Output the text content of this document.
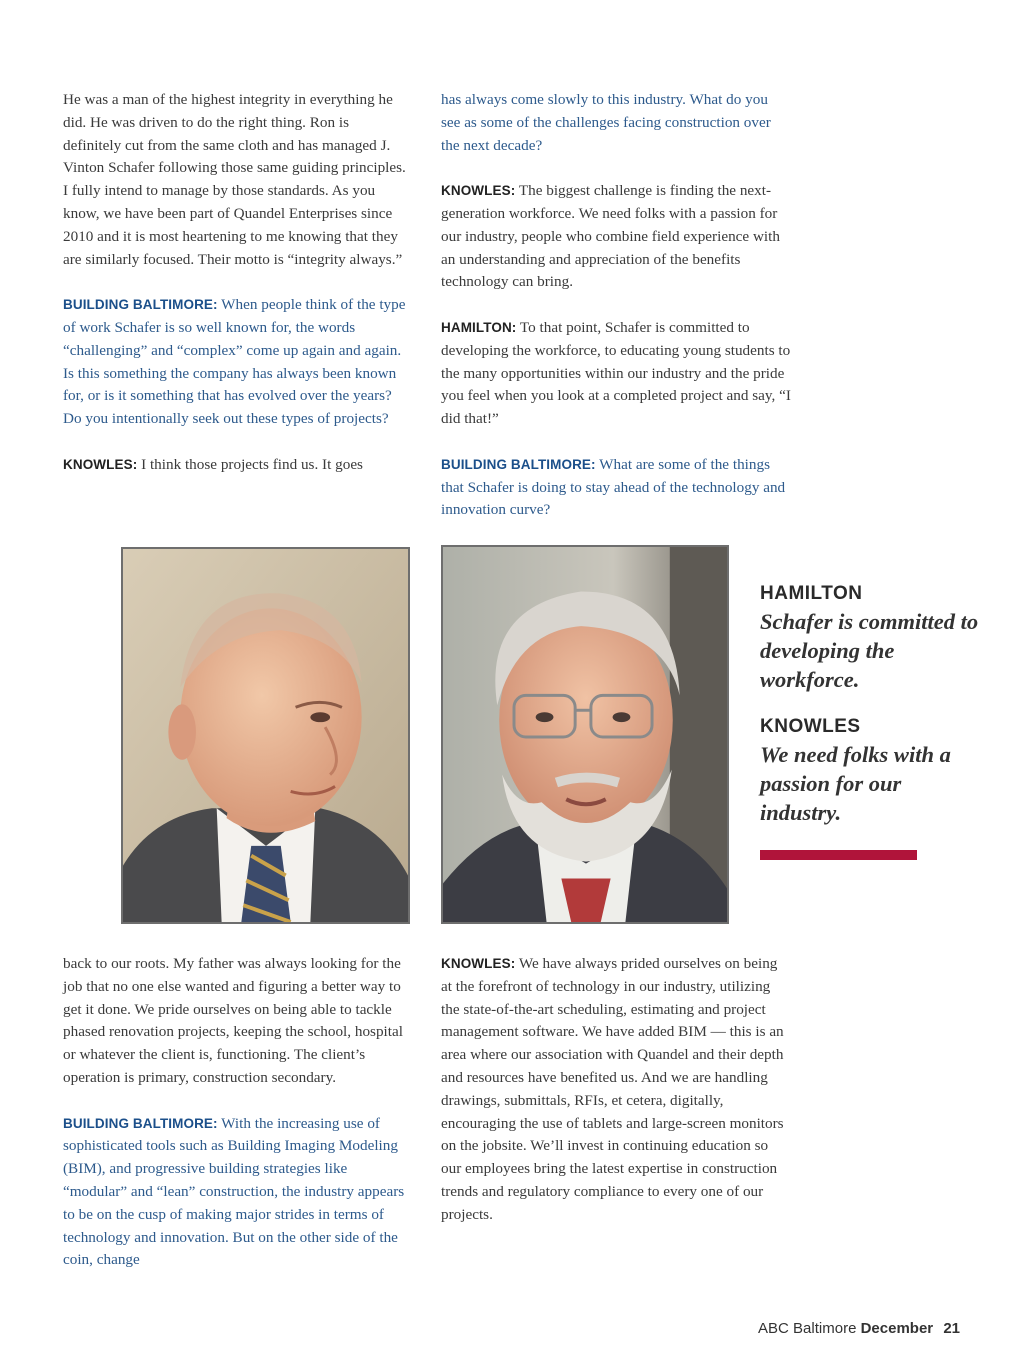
He was a man of the highest integrity in everything he did. He was driven to do the right thing. Ron is definitely cut from the same cloth and has managed J. Vinton Schafer following those same guiding principles. I fully intend to manage by those standards. As you know, we have been part of Quandel Enterprises since 2010 and it is most heartening to me knowing that they are similarly focused. Their motto is “integrity always.”

BUILDING BALTIMORE: When people think of the type of work Schafer is so well known for, the words “challenging” and “complex” come up again and again. Is this something the company has always been known for, or is it something that has evolved over the years? Do you intentionally seek out these types of projects?

KNOWLES: I think those projects find us. It goes

has always come slowly to this industry. What do you see as some of the challenges facing construction over the next decade?

KNOWLES: The biggest challenge is finding the next-generation workforce. We need folks with a passion for our industry, people who combine field experience with an understanding and appreciation of the benefits technology can bring.

HAMILTON: To that point, Schafer is committed to developing the workforce, to educating young students to the many opportunities within our industry and the pride you feel when you look at a completed project and say, “I did that!”

BUILDING BALTIMORE: What are some of the things that Schafer is doing to stay ahead of the technology and innovation curve?

HAMILTON
Schafer is committed to developing the workforce.
KNOWLES
We need folks with a passion for our industry.

back to our roots. My father was always looking for the job that no one else wanted and figuring a better way to get it done. We pride ourselves on being able to tackle phased renovation projects, keeping the school, hospital or whatever the client is, functioning. The client’s operation is primary, construction secondary.

BUILDING BALTIMORE: With the increasing use of sophisticated tools such as Building Imaging Modeling (BIM), and progressive building strategies like “modular” and “lean” construction, the industry appears to be on the cusp of making major strides in terms of technology and innovation. But on the other side of the coin, change

KNOWLES: We have always prided ourselves on being at the forefront of technology in our industry, utilizing the state-of-the-art scheduling, estimating and project management software. We have added BIM — this is an area where our association with Quandel and their depth and resources have benefited us. And we are handling drawings, submittals, RFIs, et cetera, digitally, encouraging the use of tablets and large-screen monitors on the jobsite. We’ll invest in continuing education so our employees bring the latest expertise in construction trends and regulatory compliance to every one of our projects.

ABC Baltimore December 21
